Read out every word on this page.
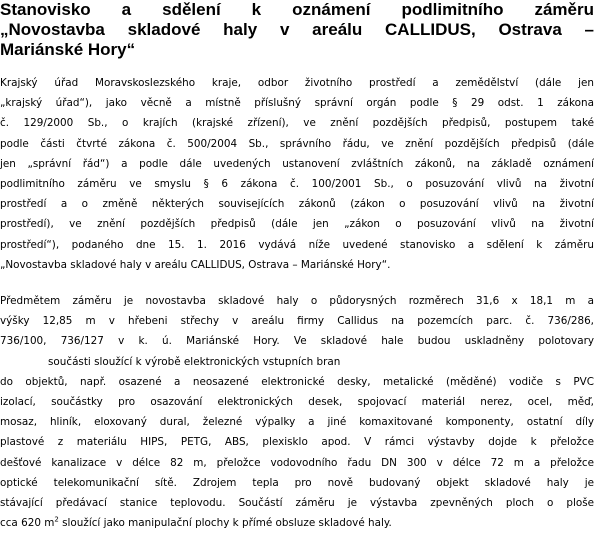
Stanovisko a sdělení k oznámení podlimitního záměru
„Novostavba skladové haly v areálu CALLIDUS, Ostrava –
Mariánské Hory“

Krajský úřad Moravskoslezského kraje, odbor životního prostředí a zemědělství (dále jen
„krajský úřad“), jako věcně a místně příslušný správní orgán podle § 29 odst. 1 zákona
č. 129/2000 Sb., o krajích (krajské zřízení), ve znění pozdějších předpisů, postupem také
podle části čtvrté zákona č. 500/2004 Sb., správního řádu, ve znění pozdějších předpisů (dále
jen „správní řád“) a podle dále uvedených ustanovení zvláštních zákonů, na základě oznámení
podlimitního záměru ve smyslu § 6 zákona č. 100/2001 Sb., o posuzování vlivů na životní
prostředí a o změně některých souvisejících zákonů (zákon o posuzování vlivů na životní
prostředí), ve znění pozdějších předpisů (dále jen „zákon o posuzování vlivů na životní
prostředí“), podaného dne 15. 1. 2016 vydává níže uvedené stanovisko a sdělení k záměru
„Novostavba skladové haly v areálu CALLIDUS, Ostrava – Mariánské Hory“.

Předmětem záměru je novostavba skladové haly o půdorysných rozměrech 31,6 x 18,1 m a
výšky 12,85 m v hřebeni střechy v areálu firmy Callidus na pozemcích parc. č. 736/286,
736/100, 736/127 v k. ú. Mariánské Hory. Ve skladové hale budou uskladněny polotovary
součásti sloužící k výrobě elektronických vstupních bran
do objektů, např. osazené a neosazené elektronické desky, metalické (měděné) vodiče s PVC
izolací, součástky pro osazování elektronických desek, spojovací materiál nerez, ocel, měď,
mosaz, hliník, eloxovaný dural, železné výpalky a jiné komaxitované komponenty, ostatní díly
plastové z materiálu HIPS, PETG, ABS, plexisklo apod. V rámci výstavby dojde k přeložce
dešťové kanalizace v délce 82 m, přeložce vodovodního řadu DN 300 v délce 72 m a přeložce
optické telekomunikační sítě. Zdrojem tepla pro nově budovaný objekt skladové haly je
stávající předávací stanice teplovodu. Součástí záměru je výstavba zpevněných ploch o ploše
cca 620 $m^2$ sloužící jako manipulační plochy k přímé obsluze skladové haly.
